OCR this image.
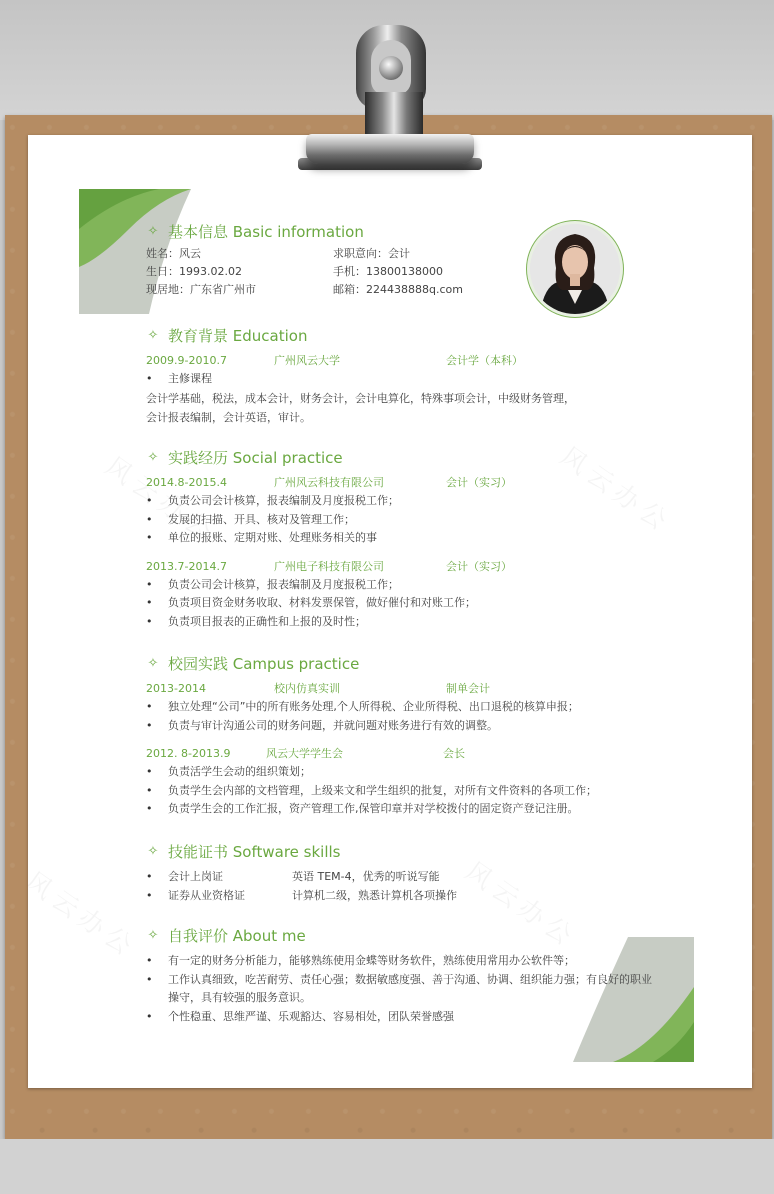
✧ 基本信息 Basic information
姓名：风云	求职意向：会计
生日：1993.02.02	手机：13800138000
现居地：广东省广州市	邮箱：224438888q.com
✧ 教育背景 Education
2009.9-2010.7	广州风云大学	会计学（本科）
• 主修课程
会计学基础，税法，成本会计，财务会计，会计电算化，特殊事项会计，中级财务管理，
会计报表编制，会计英语，审计。
✧ 实践经历 Social practice
2014.8-2015.4	广州风云科技有限公司	会计（实习）
• 负责公司会计核算，报表编制及月度报税工作；
• 发展的扫描、开具、核对及管理工作；
• 单位的报账、定期对账、处理账务相关的事
2013.7-2014.7	广州电子科技有限公司	会计（实习）
• 负责公司会计核算，报表编制及月度报税工作；
• 负责项目资金财务收取、材料发票保管，做好催付和对账工作；
• 负责项目报表的正确性和上报的及时性；
✧ 校园实践 Campus practice
2013-2014	校内仿真实训	制单会计
• 独立处理“公司”中的所有账务处理,个人所得税、企业所得税、出口退税的核算申报；
• 负责与审计沟通公司的财务问题，并就问题对账务进行有效的调整。
2012. 8-2013.9	风云大学学生会	会长
• 负责活学生会动的组织策划；
• 负责学生会内部的文档管理，上级来文和学生组织的批复，对所有文件资料的各项工作；
• 负责学生会的工作汇报，资产管理工作,保管印章并对学校拨付的固定资产登记注册。
✧ 技能证书 Software skills
• 会计上岗证	英语 TEM-4，优秀的听说写能
• 证券从业资格证	计算机二级，熟悉计算机各项操作
✧ 自我评价 About me
• 有一定的财务分析能力，能够熟练使用金蝶等财务软件，熟练使用常用办公软件等；
• 工作认真细致，吃苦耐劳、责任心强；数据敏感度强、善于沟通、协调、组织能力强；有良好的职业操守，具有较强的服务意识。
• 个性稳重、思维严谨、乐观豁达、容易相处，团队荣誉感强
